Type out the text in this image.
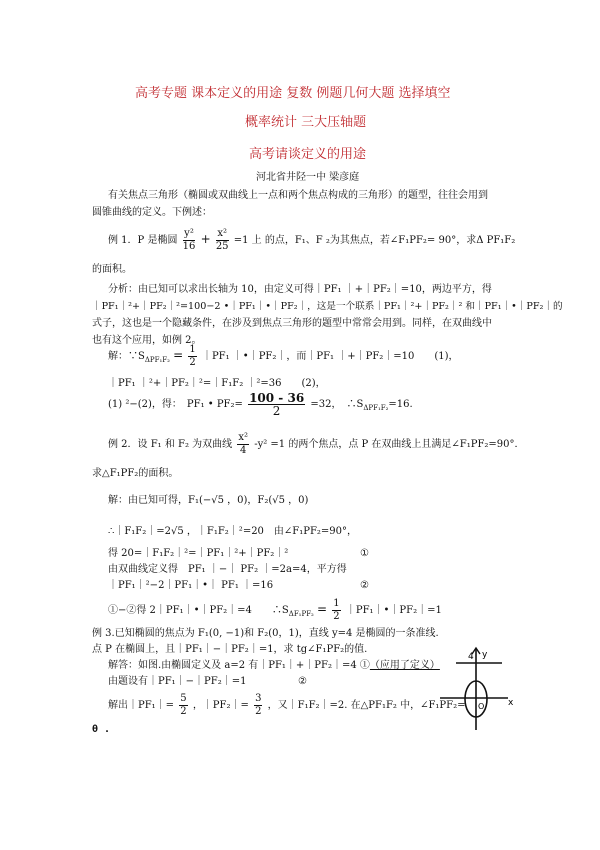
高考专题 课本定义的用途 复数 例题几何大题 选择填空
概率统计 三大压轴题
高考请谈定义的用途
河北省井陉一中 梁彦庭
有关焦点三角形（椭圆或双曲线上一点和两个焦点构成的三角形）的题型，往往会用到
圆锥曲线的定义。下例述：
例 1．P 是椭圆 $\frac{\text{y²}}{16} + \frac{\text{x²}}{25} =1$ 上 的点，F₁、F ₂为其焦点，若∠F₁PF₂= 90°，求Δ PF₁F₂
的面积。
分析：由已知可以求出长轴为 10，由定义可得｜PF₁ ｜+｜PF₂｜=10，两边平方，得
｜PF₁｜²+｜PF₂｜²=100−2 •｜PF₁｜•｜PF₂｜，这是一个联系｜PF₁｜²+｜PF₂｜² 和｜PF₁｜•｜PF₂｜的
式子，这也是一个隐藏条件，在涉及到焦点三角形的题型中常常会用到。同样，在双曲线中
也有这个应用，如例 2。
解：$\because S_{\Delta PF_1F_2} = \frac{1}{2}$ ｜PF₁ ｜•｜PF₂｜，而｜PF₁ ｜+｜PF₂｜=10　　(1)，
｜PF₁ ｜²+｜PF₂｜²=｜F₁F₂ ｜²=36　　(2)，
(1) ²−(2)，得：　PF₁ • $PF_2= \frac{100 - 36}{2} =32$，　$\therefore S_{\Delta PF_1F_2}=16$.
例 2．设 F₁ 和 F₂ 为双曲线 $\frac{\text{x²}}{4} -y^2 =1$ 的两个焦点，点 P 在双曲线上且满足∠F₁PF₂=90°．
求△F₁PF₂的面积。
解：由已知可得，F₁(−√5 ，0)，F₂(√5 ，0)
∴｜F₁F₂｜=2√5 ，｜F₁F₂｜²=20　由∠F₁PF₂=90°，
得 20=｜F₁F₂｜²=｜PF₁｜²+｜PF₂｜²	①
由双曲线定义得　PF₁ ｜−｜ PF₂ ｜=2a=4，平方得
｜PF₁｜²−2｜PF₁｜•｜ PF₁ ｜=16	②
①−②得 2｜PF₁｜•｜PF₂｜=4　　$\therefore S_{\Delta F_1PF_2} = \frac{1}{2}$ ｜PF₁｜•｜PF₂｜=1
例 3.已知椭圆的焦点为 F₁(0, −1)和 F₂(0，1)，直线 y=4 是椭圆的一条准线.
点 P 在椭圆上，且｜PF₁｜−｜PF₂｜=1，求 tg∠F₁PF₂的值.
解答：如图.由椭圆定义及 a=2 有｜PF₁｜+｜PF₂｜=4 ①（应用了定义）
由题设有｜PF₁｜−｜PF₂｜=1	②
解出｜PF₁｜= $\frac{5}{2}$ ，｜PF₂｜= $\frac{3}{2}$ ，又｜F₁F₂｜=2. 在△PF₁F₂ 中，∠F₁PF₂=
θ .
y
4
x
O
